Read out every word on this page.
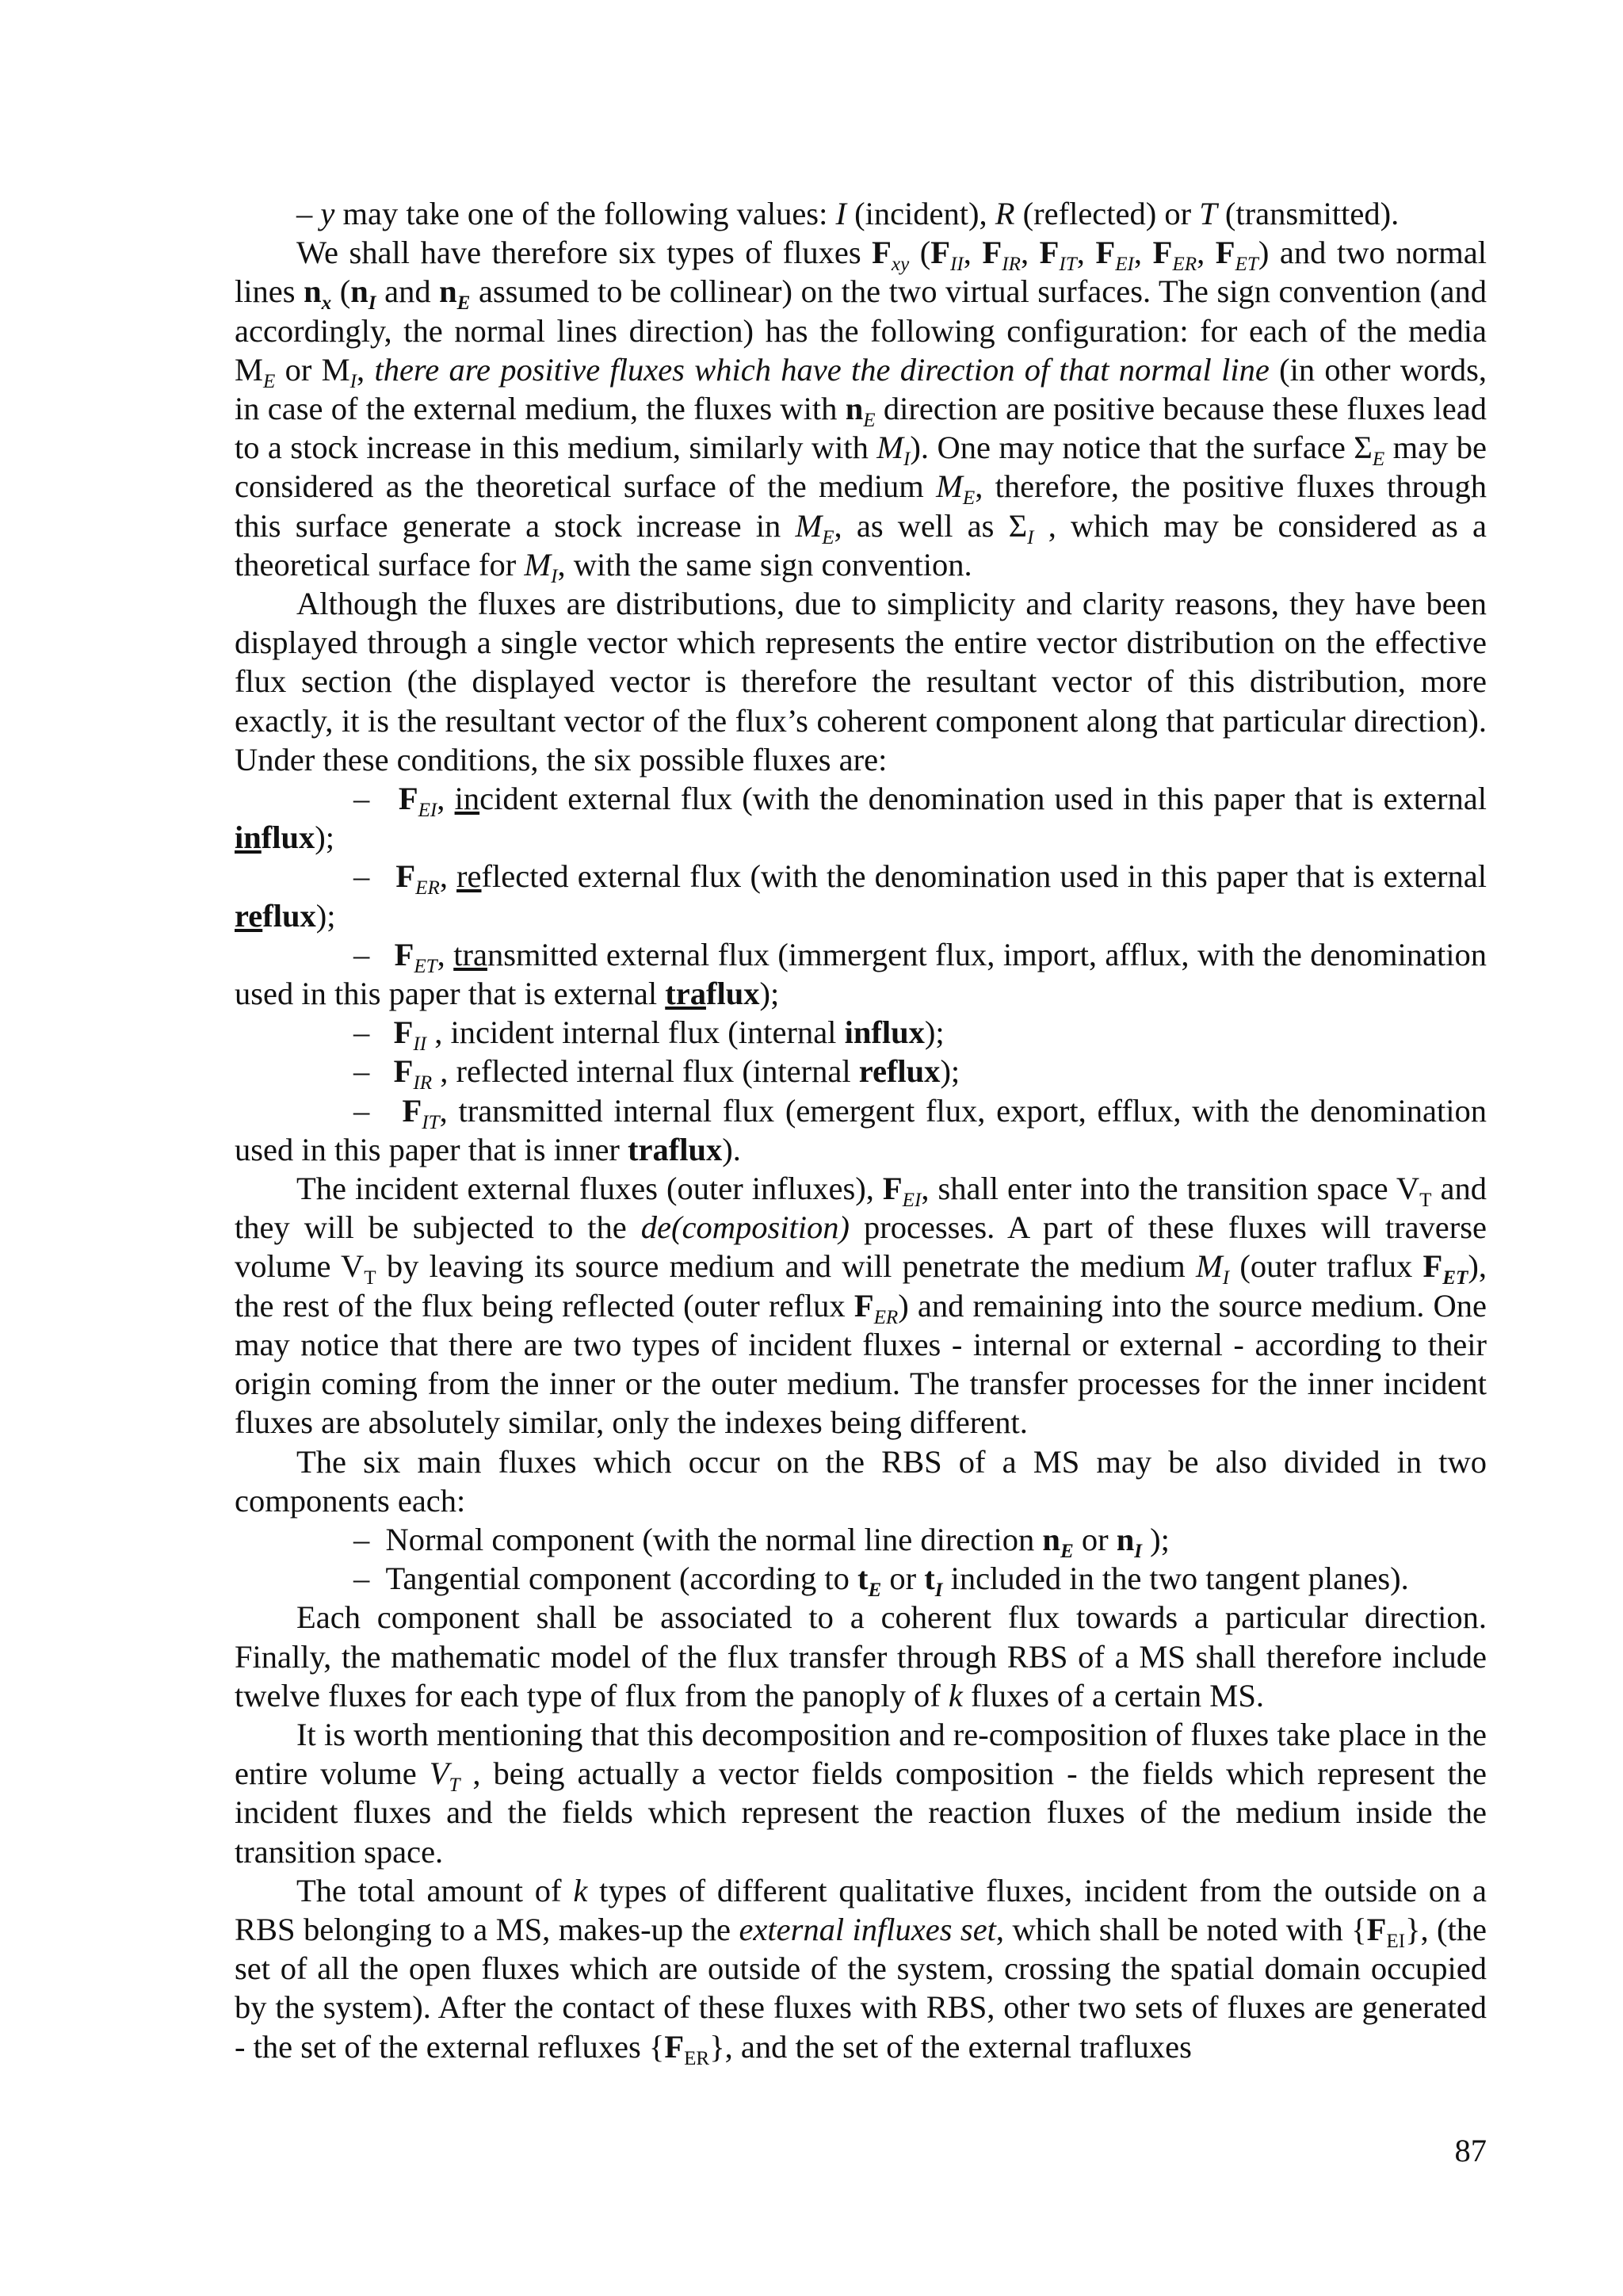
– y may take one of the following values: I (incident), R (reflected) or T (transmitted).

We shall have therefore six types of fluxes $F_{xy}$ ($F_{II}$, $F_{IR}$, $F_{IT}$, $F_{EI}$, $F_{ER}$, $F_{ET}$) and two normal lines $n_x$ ($n_I$ and $n_E$ assumed to be collinear) on the two virtual surfaces. The sign convention (and accordingly, the normal lines direction) has the following configuration: for each of the media $M_E$ or $M_I$, there are positive fluxes which have the direction of that normal line (in other words, in case of the external medium, the fluxes with $n_E$ direction are positive because these fluxes lead to a stock increase in this medium, similarly with $M_I$). One may notice that the surface $\Sigma_E$ may be considered as the theoretical surface of the medium $M_E$, therefore, the positive fluxes through this surface generate a stock increase in $M_E$, as well as $\Sigma_I$ , which may be considered as a theoretical surface for $M_I$, with the same sign convention.

Although the fluxes are distributions, due to simplicity and clarity reasons, they have been displayed through a single vector which represents the entire vector distribution on the effective flux section (the displayed vector is therefore the resultant vector of this distribution, more exactly, it is the resultant vector of the flux’s coherent component along that particular direction). Under these conditions, the six possible fluxes are:

–   $F_{EI}$, incident external flux (with the denomination used in this paper that is external influx);

–   $F_{ER}$, reflected external flux (with the denomination used in this paper that is external reflux);

–   $F_{ET}$, transmitted external flux (immergent flux, import, afflux, with the denomination used in this paper that is external traflux);

–   $F_{II}$ , incident internal flux (internal influx);

–   $F_{IR}$ , reflected internal flux (internal reflux);

–   $F_{IT}$, transmitted internal flux (emergent flux, export, efflux, with the denomination used in this paper that is inner traflux).

The incident external fluxes (outer influxes), $F_{EI}$, shall enter into the transition space $V_T$ and they will be subjected to the de(composition) processes. A part of these fluxes will traverse volume $V_T$ by leaving its source medium and will penetrate the medium $M_I$ (outer traflux $F_{ET}$), the rest of the flux being reflected (outer reflux $F_{ER}$) and remaining into the source medium. One may notice that there are two types of incident fluxes - internal or external - according to their origin coming from the inner or the outer medium. The transfer processes for the inner incident fluxes are absolutely similar, only the indexes being different.

The six main fluxes which occur on the RBS of a MS may be also divided in two components each:

–  Normal component (with the normal line direction $n_E$ or $n_I$ );

–  Tangential component (according to $t_E$ or $t_I$ included in the two tangent planes).

Each component shall be associated to a coherent flux towards a particular direction. Finally, the mathematic model of the flux transfer through RBS of a MS shall therefore include twelve fluxes for each type of flux from the panoply of k fluxes of a certain MS.

It is worth mentioning that this decomposition and re-composition of fluxes take place in the entire volume $V_T$ , being actually a vector fields composition - the fields which represent the incident fluxes and the fields which represent the reaction fluxes of the medium inside the transition space.

The total amount of k types of different qualitative fluxes, incident from the outside on a RBS belonging to a MS, makes-up the external influxes set, which shall be noted with $\{F_{EI}\}$, (the set of all the open fluxes which are outside of the system, crossing the spatial domain occupied by the system). After the contact of these fluxes with RBS, other two sets of fluxes are generated - the set of the external refluxes $\{F_{ER}\}$, and the set of the external trafluxes

87
